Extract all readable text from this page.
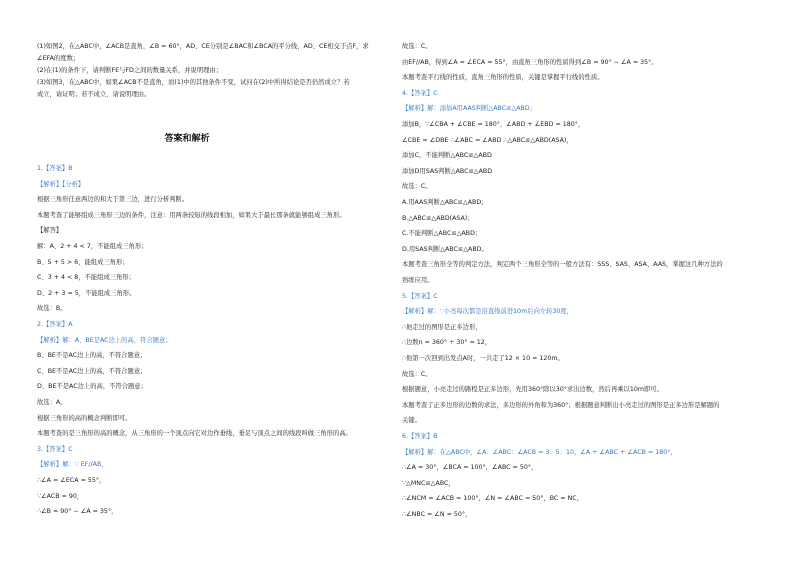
(1)如图2，在△ABC中，∠ACB是直角，∠B = 60°，AD、CE分别是∠BAC和∠BCA的平分线，AD、CE相交于点F，求
∠EFA的度数；
(2)在(1)的条件下，请判断FE与FD之间的数量关系，并说明理由；
(3)如图3，在△ABC中，如果∠ACB不是直角，而(1)中的其他条件不变，试问在(2)中所得结论是否仍然成立？若
成立，请证明；若不成立，请说明理由。
答案和解析
1.【答案】B
【解析】【分析】
根据三角形任意两边的和大于第三边，进行分析判断。
本题考查了能够组成三角形三边的条件，注意：用两条较短的线段相加，如果大于最长那条就能够组成三角形。
【解答】
解：A、2 + 4 < 7，不能组成三角形；
B、5 + 5 > 6，能组成三角形；
C、3 + 4 < 8，不能组成三角形；
D、2 + 3 = 5，不能组成三角形。
故选：B。
2.【答案】A
【解析】解：A、BE是AC边上的高，符合题意；
B、BE不是AC边上的高，不符合题意；
C、BE不是AC边上的高，不符合题意；
D、BE不是AC边上的高，不符合题意；
故选：A。
根据三角形的高的概念判断即可。
本题考查的是三角形的高的概念，从三角形的一个顶点向它对边作垂线，垂足与顶点之间的线段叫做三角形的高。
3.【答案】C
【解析】解：∵ EF//AB，
∴∠A = ∠ECA = 55°，
∵∠ACB = 90，
∴∠B = 90° − ∠A = 35°，
故选：C。
由EF//AB，得到∠A = ∠ECA = 55°，由直角三角形的性质得到∠B = 90° − ∠A = 35°。
本题考查平行线的性质，直角三角形的性质，关键是掌握平行线的性质。
4.【答案】C
【解析】解：添加A用AAS判断△ABC≌△ABD；
添加B，∵∠CBA + ∠CBE = 180°，∠ABD + ∠EBD = 180°，
∠CBE = ∠DBE ∴∠ABC = ∠ABD ∴△ABC≌△ABD(ASA)，
添加C，不能判断△ABC≌△ABD
添加D用SAS判断△ABC≌△ABD
故选：C。
A.用AAS判断△ABC≌△ABD；
B.△ABC≌△ABD(ASA)；
C.不能判断△ABC≌△ABD；
D.用SAS判断△ABC≌△ABD。
本题考查三角形全等的判定方法，判定两个三角形全等的一般方法有：SSS、SAS、ASA、AAS，掌握这几种方法的
熟练应用。
5.【答案】C
【解析】解：∵小亮每次都是沿直线前进10m后向左转30度，
∴他走过的图形是正多边形，
∴边数n = 360° ÷ 30° = 12，
∴他第一次回到出发点A时，一共走了12 × 10 = 120m。
故选：C。
根据题意，小亮走过的路程是正多边形，先用360°除以30°求出边数，然后再乘以10m即可。
本题考查了正多边形的边数的求法，多边形的外角和为360°；根据题意判断出小亮走过的图形是正多边形是解题的
关键。
6.【答案】B
【解析】解：在△ABC中，∠A：∠ABC：∠ACB = 3：5：10，∠A + ∠ABC + ∠ACB = 180°，
∴∠A = 30°，∠BCA = 100°，∠ABC = 50°，
∵△MNC≌△ABC，
∴∠NCM = ∠ACB = 100°，∠N = ∠ABC = 50°，BC = NC，
∴∠NBC = ∠N = 50°，
